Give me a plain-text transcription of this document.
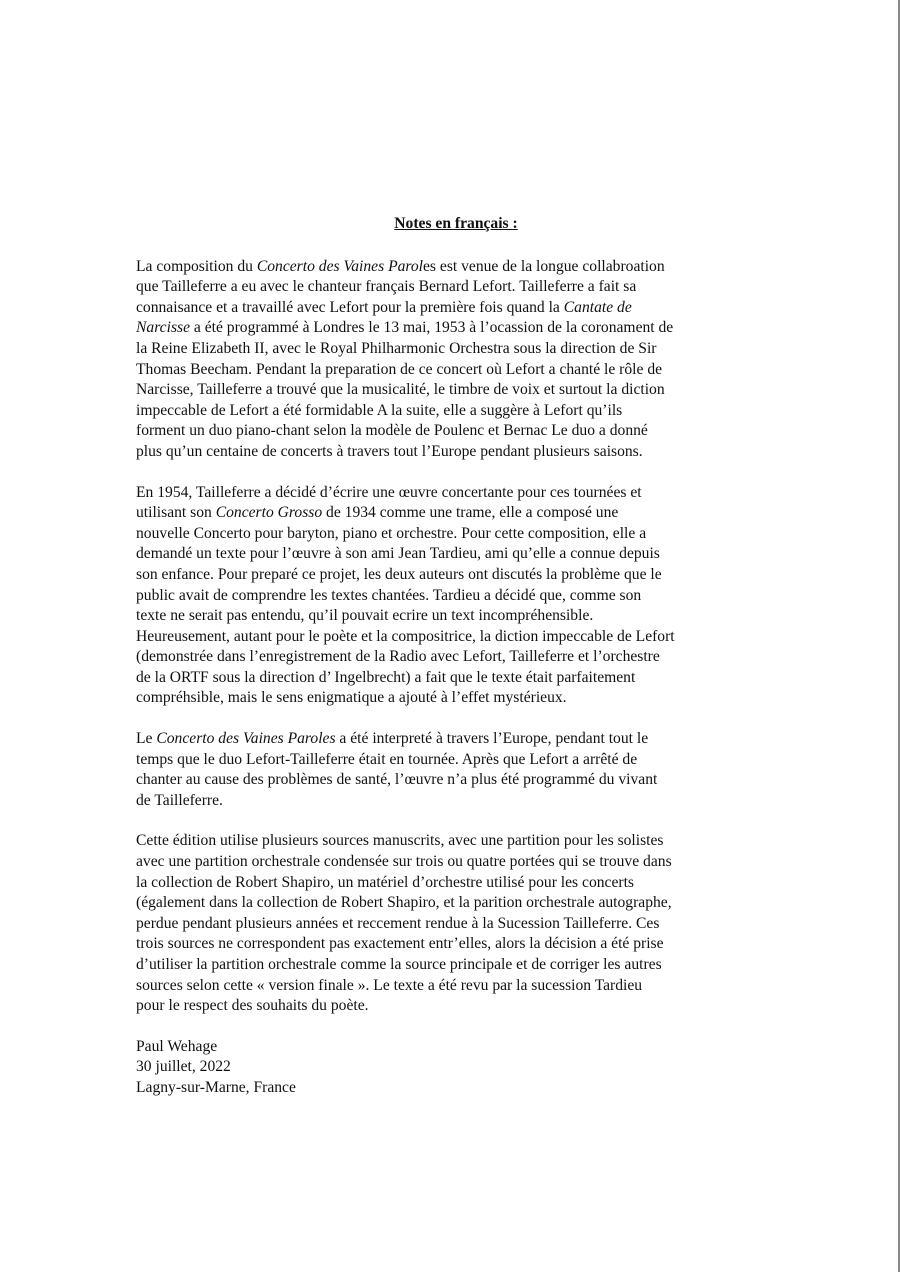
Notes en français :
La composition du Concerto des Vaines Paroles est venue de la longue collabroation
que Tailleferre a eu avec le chanteur français Bernard Lefort. Tailleferre a fait sa
connaisance et a travaillé avec Lefort pour la première fois quand la Cantate de
Narcisse a été programmé à Londres le 13 mai, 1953 à l’ocassion de la coronament de
la Reine Elizabeth II, avec le Royal Philharmonic Orchestra sous la direction de Sir
Thomas Beecham. Pendant la preparation de ce concert où Lefort a chanté le rôle de
Narcisse, Tailleferre a trouvé que la musicalité, le timbre de voix et surtout la diction
impeccable de Lefort a été formidable A la suite, elle a suggère à Lefort qu’ils
forment un duo piano-chant selon la modèle de Poulenc et Bernac Le duo a donné
plus qu’un centaine de concerts à travers tout l’Europe pendant plusieurs saisons.
En 1954, Tailleferre a décidé d’écrire une œuvre concertante pour ces tournées et
utilisant son Concerto Grosso de 1934 comme une trame, elle a composé une
nouvelle Concerto pour baryton, piano et orchestre. Pour cette composition, elle a
demandé un texte pour l’œuvre à son ami Jean Tardieu, ami qu’elle a connue depuis
son enfance. Pour preparé ce projet, les deux auteurs ont discutés la problème que le
public avait de comprendre les textes chantées. Tardieu a décidé que, comme son
texte ne serait pas entendu, qu’il pouvait ecrire un text incompréhensible.
Heureusement, autant pour le poète et la compositrice, la diction impeccable de Lefort
(demonstrée dans l’enregistrement de la Radio avec Lefort, Tailleferre et l’orchestre
de la ORTF sous la direction d’ Ingelbrecht) a fait que le texte était parfaitement
compréhsible, mais le sens enigmatique a ajouté à l’effet mystérieux.
Le Concerto des Vaines Paroles a été interpreté à travers l’Europe, pendant tout le
temps que le duo Lefort-Tailleferre était en tournée. Après que Lefort a arrêté de
chanter au cause des problèmes de santé, l’œuvre n’a plus été programmé du vivant
de Tailleferre.
Cette édition utilise plusieurs sources manuscrits, avec une partition pour les solistes
avec une partition orchestrale condensée sur trois ou quatre portées qui se trouve dans
la collection de Robert Shapiro, un matériel d’orchestre utilisé pour les concerts
(également dans la collection de Robert Shapiro, et la parition orchestrale autographe,
perdue pendant plusieurs années et reccement rendue à la Sucession Tailleferre. Ces
trois sources ne correspondent pas exactement entr’elles, alors la décision a été prise
d’utiliser la partition orchestrale comme la source principale et de corriger les autres
sources selon cette « version finale ». Le texte a été revu par la sucession Tardieu
pour le respect des souhaits du poète.
Paul Wehage
30 juillet, 2022
Lagny-sur-Marne, France
